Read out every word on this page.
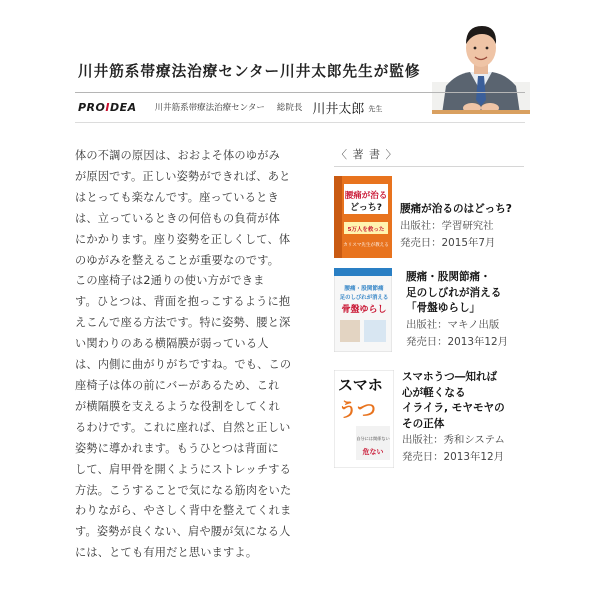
川井筋系帯療法治療センター川井太郎先生が監修
PROIDEA 川井筋系帯療法治療センター 総院長 川井太郎 先生
体の不調の原因は、おおよそ体のゆがみ
が原因です。正しい姿勢ができれば、あと
はとっても楽なんです。座っているとき
は、立っているときの何倍もの負荷が体
にかかります。座り姿勢を正しくして、体
のゆがみを整えることが重要なのです。
この座椅子は2通りの使い方ができま
す。ひとつは、背面を抱っこするように抱
えこんで座る方法です。特に姿勢、腰と深
い関わりのある横隔膜が弱っている人
は、内側に曲がりがちですね。でも、この
座椅子は体の前にバーがあるため、これ
が横隔膜を支えるような役割をしてくれ
るわけです。これに座れば、自然と正しい
姿勢に導かれます。もうひとつは背面に
して、肩甲骨を開くようにストレッチする
方法。こうすることで気になる筋肉をいた
わりながら、やさしく背中を整えてくれま
す。姿勢が良くない、肩や腰が気になる人
には、とても有用だと思いますよ。
〈 著 書 〉
腰痛が治る
どっち?
5万人を救った
カリスマ先生が教える
腰痛が治るのはどっち?
出版社：学習研究社
発売日：2015年7月
腰痛・股関節痛
足のしびれが消える
骨盤ゆらし
腰痛・股関節痛・
足のしびれが消える
「骨盤ゆらし」
出版社：マキノ出版
発売日：2013年12月
スマホ
うつ
自分には関係ない
危ない
スマホうつ―知れば
心が軽くなる
イライラ, モヤモヤの
その正体
出版社：秀和システム
発売日：2013年12月
